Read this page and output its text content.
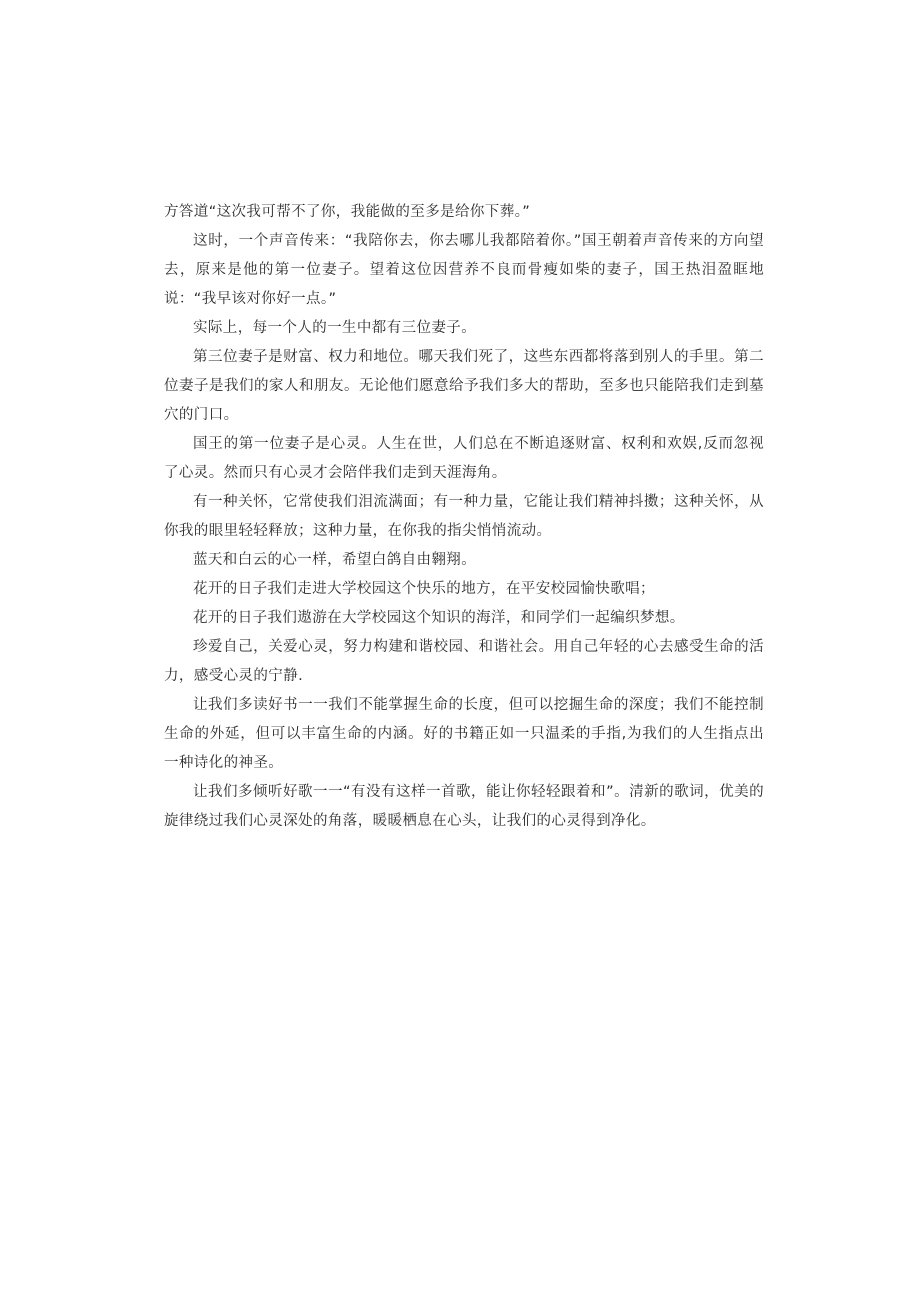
方答道“这次我可帮不了你，我能做的至多是给你下葬。”

这时，一个声音传来：“我陪你去，你去哪儿我都陪着你。”国王朝着声音传来的方向望去，原来是他的第一位妻子。望着这位因营养不良而骨瘦如柴的妻子，国王热泪盈眶地说：“我早该对你好一点。”

实际上，每一个人的一生中都有三位妻子。

第三位妻子是财富、权力和地位。哪天我们死了，这些东西都将落到别人的手里。第二位妻子是我们的家人和朋友。无论他们愿意给予我们多大的帮助，至多也只能陪我们走到墓穴的门口。

国王的第一位妻子是心灵。人生在世，人们总在不断追逐财富、权利和欢娱,反而忽视了心灵。然而只有心灵才会陪伴我们走到天涯海角。

有一种关怀，它常使我们泪流满面；有一种力量，它能让我们精神抖擞；这种关怀，从你我的眼里轻轻释放；这种力量，在你我的指尖悄悄流动。

蓝天和白云的心一样，希望白鸽自由翱翔。

花开的日子我们走进大学校园这个快乐的地方，在平安校园愉快歌唱；

花开的日子我们遨游在大学校园这个知识的海洋，和同学们一起编织梦想。

珍爱自己，关爱心灵，努力构建和谐校园、和谐社会。用自己年轻的心去感受生命的活力，感受心灵的宁静.

让我们多读好书一一我们不能掌握生命的长度，但可以挖掘生命的深度；我们不能控制生命的外延，但可以丰富生命的内涵。好的书籍正如一只温柔的手指,为我们的人生指点出一种诗化的神圣。

让我们多倾听好歌一一“有没有这样一首歌，能让你轻轻跟着和”。清新的歌词，优美的旋律绕过我们心灵深处的角落，暖暖栖息在心头，让我们的心灵得到净化。
